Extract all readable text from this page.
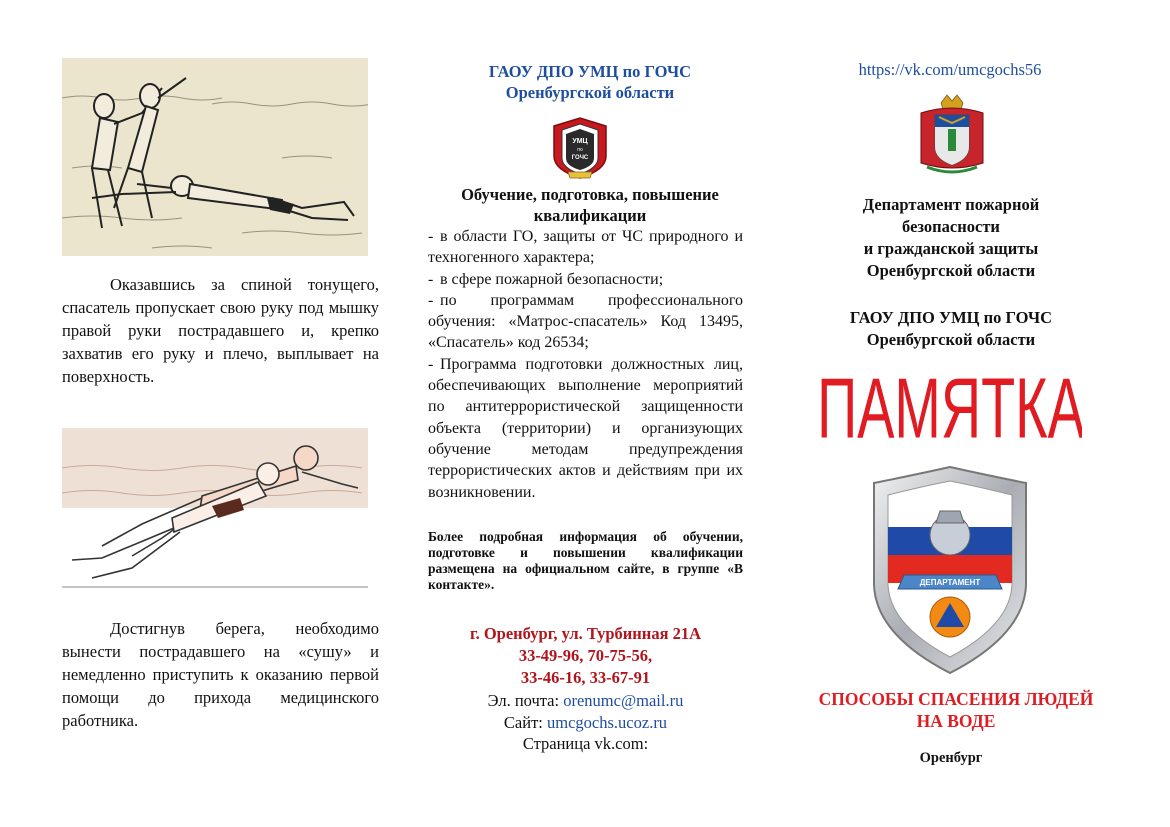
Оказавшись за спиной тонущего, спасатель пропускает свою руку под мышку правой руки пострадавшего и, крепко захватив его руку и плечо, выплывает на поверхность.

Достигнув берега, необходимо вынести пострадавшего на «сушу» и немедленно приступить к оказанию первой помощи до прихода медицинского работника.

ГАОУ ДПО УМЦ по ГОЧС
Оренбургской области
УМЦ
по
ГОЧС
Обучение, подготовка, повышение квалификации
- в области ГО, защиты от ЧС природного и техногенного характера;
- в сфере пожарной безопасности;
- по программам профессионального обучения: «Матрос-спасатель» Код 13495, «Спасатель» код 26534;
- Программа подготовки должностных лиц, обеспечивающих выполнение мероприятий по антитеррористической защищенности объекта (территории) и организующих обучение методам предупреждения террористических актов и действиям при их возникновении.
Более подробная информация об обучении, подготовке и повышении квалификации размещена на официальном сайте, в группе «В контакте».
г. Оренбург, ул. Турбинная 21А
33-49-96, 70-75-56,
33-46-16, 33-67-91
Эл. почта: orenumc@mail.ru
Сайт: umcgochs.ucoz.ru
Страница vk.com:
https://vk.com/umcgochs56
Департамент пожарной
безопасности
и гражданской защиты
Оренбургской области
ГАОУ ДПО УМЦ по ГОЧС
Оренбургской области
ПАМЯТКА
ДЕПАРТАМЕНТ
СПОСОБЫ СПАСЕНИЯ ЛЮДЕЙ
НА ВОДЕ
Оренбург
